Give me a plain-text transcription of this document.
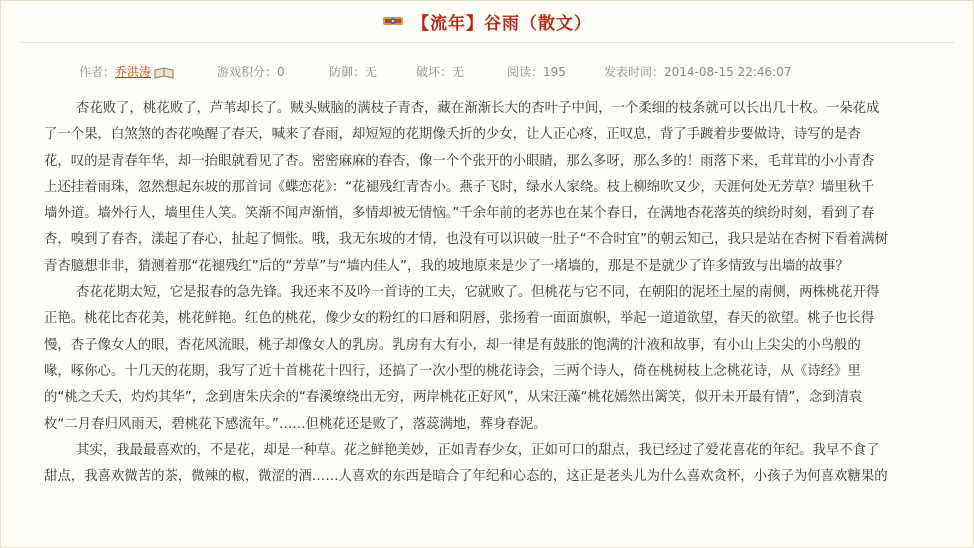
【流年】谷雨（散文）
作者：乔洪涛	游戏积分：0	防御：无	破坏：无	阅读：195	发表时间：2014-08-15 22:46:07
杏花败了，桃花败了，芦苇却长了。贼头贼脑的满枝子青杏，藏在渐渐长大的杏叶子中间，一个柔细的枝条就可以长出几十枚。一朵花成
了一个果，白煞煞的杏花唤醒了春天，喊来了春雨，却短短的花期像夭折的少女，让人正心疼，正叹息，背了手踱着步要做诗，诗写的是杏
花，叹的是青春年华，却一抬眼就看见了杏。密密麻麻的春杏，像一个个张开的小眼睛，那么多呀，那么多的！雨落下来，毛茸茸的小小青杏
上还挂着雨珠，忽然想起东坡的那首词《蝶恋花》：“花褪残红青杏小。燕子飞时，绿水人家绕。枝上柳绵吹又少，天涯何处无芳草？墙里秋千
墙外道。墙外行人，墙里佳人笑。笑渐不闻声渐悄，多情却被无情恼。”千余年前的老苏也在某个春日，在满地杏花落英的缤纷时刻，看到了春
杏，嗅到了春杏，漾起了春心，扯起了惆怅。哦，我无东坡的才情，也没有可以识破一肚子“不合时宜”的朝云知己，我只是站在杏树下看着满树
青杏臆想非非，猜测着那“花褪残红”后的“芳草”与“墙内佳人”，我的坡地原来是少了一堵墙的，那是不是就少了许多情致与出墙的故事？
杏花花期太短，它是报春的急先锋。我还来不及吟一首诗的工夫，它就败了。但桃花与它不同，在朝阳的泥坯土屋的南侧，两株桃花开得
正艳。桃花比杏花美，桃花鲜艳。红色的桃花，像少女的粉红的口唇和阴唇，张扬着一面面旗帜，举起一道道欲望，春天的欲望。桃子也长得
慢，杏子像女人的眼，杏花风流眼，桃子却像女人的乳房。乳房有大有小，却一律是有鼓胀的饱满的汁液和故事，有小山上尖尖的小鸟般的
喙，啄你心。十几天的花期，我写了近十首桃花十四行，还搞了一次小型的桃花诗会，三两个诗人，倚在桃树枝上念桃花诗，从《诗经》里
的“桃之夭夭，灼灼其华”，念到唐朱庆余的“春溪缭绕出无穷，两岸桃花正好风”，从宋汪藻“桃花嫣然出篱笑，似开未开最有情”，念到清袁
枚“二月春归风雨天，碧桃花下感流年。”……但桃花还是败了，落蕊满地，葬身春泥。
其实，我最最喜欢的，不是花，却是一种草。花之鲜艳美妙，正如青春少女，正如可口的甜点，我已经过了爱花喜花的年纪。我早不食了
甜点，我喜欢微苦的茶，微辣的椒，微涩的酒……人喜欢的东西是暗合了年纪和心态的，这正是老头儿为什么喜欢贪杯，小孩子为何喜欢糖果的
